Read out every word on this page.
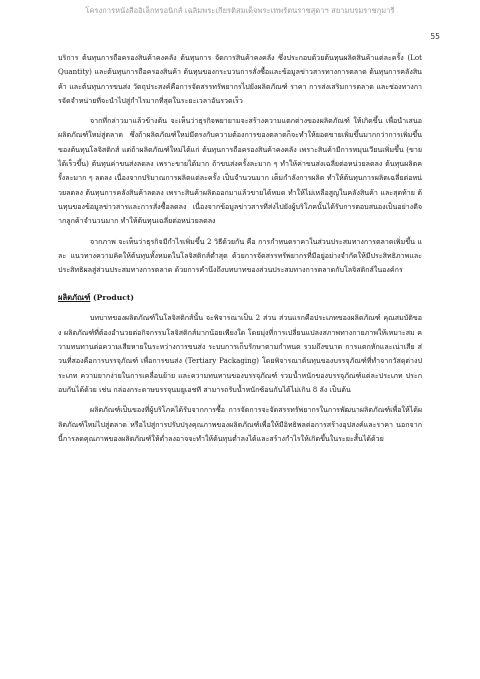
โครงการหนังสืออิเล็กทรอนิกส์ เฉลิมพระเกียรติสมเด็จพระเทพรัตนราชสุดาฯ สยามบรมราชกุมารี
55

บริการ ต้นทุนการถือครองสินค้าคงคลัง ต้นทุนการ จัดการสินค้าคงคลัง ซึ่งประกอบด้วยต้นทุนผลิตสินค้าแต่ละครั้ง (Lot Quantity) และต้นทุนการถือครองสินค้า ต้นทุนของกระบวนการสั่งซื้อและข้อมูลข่าวสารทางการตลาด ต้นทุนการคลังสินค้า และต้นทุนการขนส่ง วัตถุประสงค์คือการจัดสรรทรัพยากรไปยังผลิตภัณฑ์ ราคา การส่งเสริมการตลาด และช่องทางการจัดจำหน่ายที่จะนำไปสู่กำไรมากที่สุดในระยะเวลาอันรวดเร็ว

จากที่กล่าวมาแล้วข้างต้น จะเห็นว่าธุรกิจพยายามจะสร้างความแตกต่างของผลิตภัณฑ์ ให้เกิดขึ้น เพื่อนำเสนอผลิตภัณฑ์ใหม่สู่ตลาด ซึ่งถ้าผลิตภัณฑ์ใหม่มีตรงกับความต้องการของตลาดก็จะทำให้ยอดขายเพิ่มขึ้นมากกว่าการเพิ่มขึ้นของต้นทุนโลจิสติกส์ แต่ถ้าผลิตภัณฑ์ใหม่ได้แก่ ต้นทุนการถือครองสินค้าคงคลัง เพราะสินค้ามีการหมุนเวียนเพิ่มขึ้น (ขายได้เร็วขึ้น) ต้นทุนค่าขนส่งลดลง เพราะขายได้มาก ถ้าขนส่งครั้งละมาก ๆ ทำให้ค่าขนส่งเฉลี่ยต่อหน่วยลดลง ต้นทุนผลิตครั้งละมาก ๆ ลดลง เนื่องจากปริมาณการผลิตแต่ละครั้ง เป็นจำนวนมาก เต็มกำลังการผลิต ทำให้ต้นทุนการผลิตเฉลี่ยต่อหน่วยลดลง ต้นทุนการคลังสินค้าลดลง เพราะสินค้าผลิตออกมาแล้วขายได้หมด ทำให้ไม่เหลือสูญในคลังสินค้า และสุดท้าย ต้นทุนของข้อมูลข่าวสารและการสั่งซื้อลดลง เนื่องจากข้อมูลข่าวสารที่ส่งไปยังผู้บริโภคนั้นได้รับการตอบสนองเป็นอย่างดีจากลูกค้าจำนวนมาก ทำให้ต้นทุนเฉลี่ยต่อหน่วยลดลง

จากภาพ จะเห็นว่าธุรกิจมีกำไรเพิ่มขึ้น 2 วิธีด้วยกัน คือ การกำหนดราคาในส่วนประสมทางการตลาดเพิ่มขึ้น และ แนวทางความคิดให้ต้นทุนทั้งหมดในโลจิสติกส์ต่ำสุด ด้วยการจัดสรรทรัพยากรที่มีอยู่อย่างจำกัดให้มีประสิทธิภาพและประสิทธิผลสู่ส่วนประสมทางการตลาด ด้วยการคำนึงถึงบทบาทของส่วนประสมทางการตลาดกับโลจิสติกส์ในองค์กร

ผลิตภัณฑ์ (Product)

บทบาทของผลิตภัณฑ์ในโลจิสติกส์นั้น จะพิจารณาเป็น 2 ส่วน ส่วนแรกคือประเภทของผลิตภัณฑ์ คุณสมบัติของ ผลิตภัณฑ์ที่ต้องอำนวยต่อกิจกรรมโลจิสติกส์มากน้อยเพียงใด โดยมุ่งที่การเปลี่ยนแปลงสภาพทางกายภาพให้เหมาะสม ความทนทานต่อความเสียหายในระหว่างการขนส่ง ระบบการเก็บรักษาตามกำหนด รวมถึงขนาด การแตกหักและเน่าเสีย ส่วนที่สองคือการบรรจุภัณฑ์ เพื่อการขนส่ง (Tertiary Packaging) โดยพิจารณาต้นทุนของบรรจุภัณฑ์ที่ทำจากวัสดุต่างประเภท ความยากง่ายในการเคลื่อนย้าย และความทนทานของบรรจุภัณฑ์ รวมน้ำหนักของบรรจุภัณฑ์แต่ละประเภท ประกอบกันได้ด้วย เช่น กล่องกระดาษบรรจุนมยูเอชที สามารถรับน้ำหนักซ้อนกันได้ไม่เกิน 8 ลัง เป็นต้น

ผลิตภัณฑ์เป็นของที่ผู้บริโภคได้รับจากการซื้อ การจัดการจะจัดสรรทรัพยากรในการพัฒนาผลิตภัณฑ์เพื่อให้ได้ผลิตภัณฑ์ใหม่ไปสู่ตลาด หรือไปสู่การปรับปรุงคุณภาพของผลิตภัณฑ์เพื่อให้มีอิทธิพลต่อการสร้างอุปสงค์และราคา นอกจากนี้การลดคุณภาพของผลิตภัณฑ์ให้ต่ำลงอาจจะทำให้ต้นทุนต่ำลงได้และสร้างกำไรให้เกิดขึ้นในระยะสั้นได้ด้วย
